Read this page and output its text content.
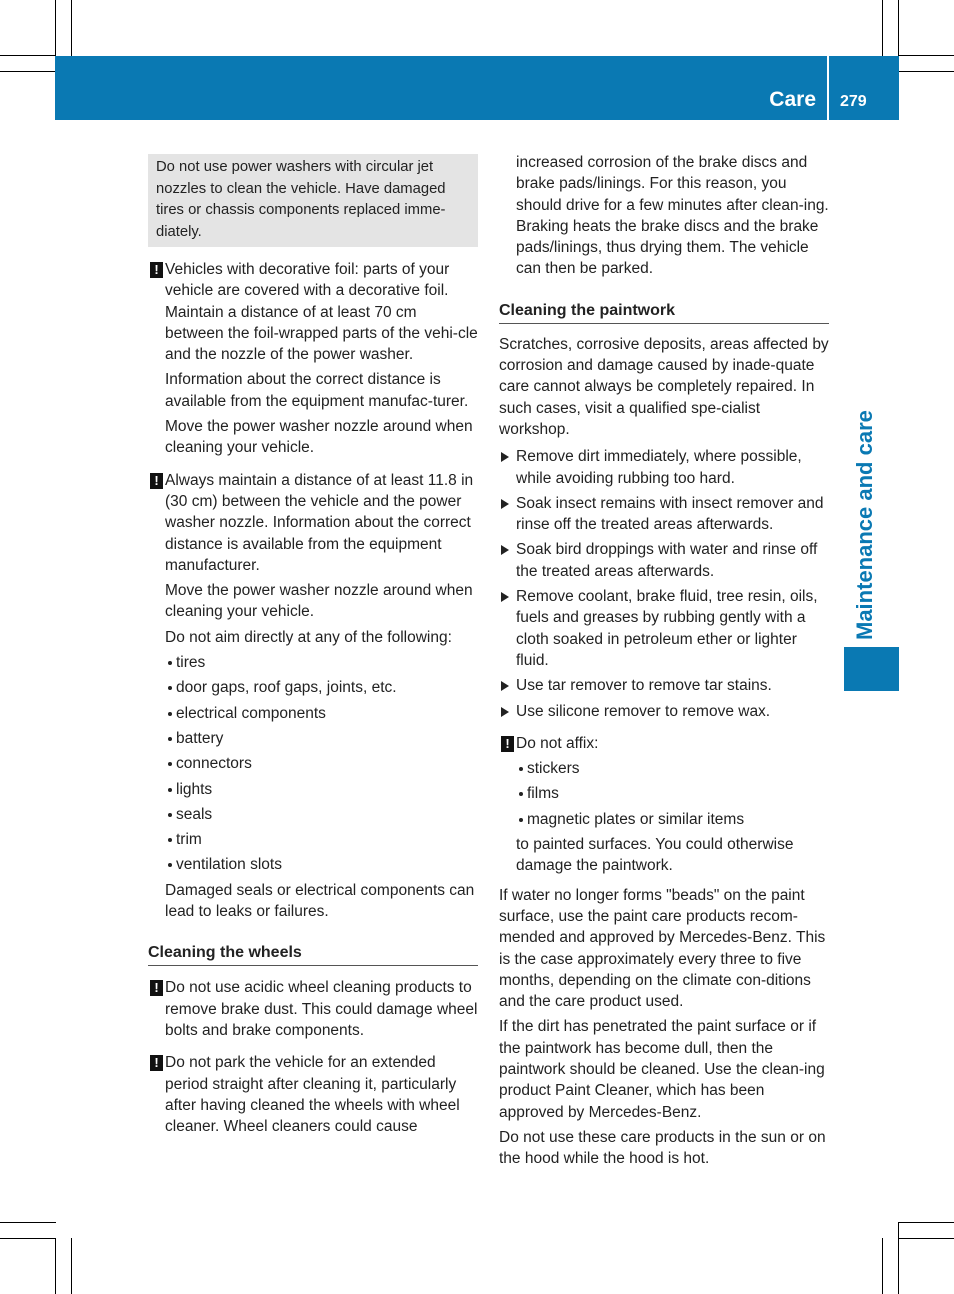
Care 279
Maintenance and care
Do not use power washers with circular jet nozzles to clean the vehicle. Have damaged tires or chassis components replaced imme-diately.
! Vehicles with decorative foil: parts of your vehicle are covered with a decorative foil. Maintain a distance of at least 70 cm between the foil-wrapped parts of the vehi-cle and the nozzle of the power washer.
Information about the correct distance is available from the equipment manufac-turer.
Move the power washer nozzle around when cleaning your vehicle.
! Always maintain a distance of at least 11.8 in (30 cm) between the vehicle and the power washer nozzle. Information about the correct distance is available from the equipment manufacturer.
Move the power washer nozzle around when cleaning your vehicle.
Do not aim directly at any of the following:
tires
door gaps, roof gaps, joints, etc.
electrical components
battery
connectors
lights
seals
trim
ventilation slots
Damaged seals or electrical components can lead to leaks or failures.
Cleaning the wheels
! Do not use acidic wheel cleaning products to remove brake dust. This could damage wheel bolts and brake components.
! Do not park the vehicle for an extended period straight after cleaning it, particularly after having cleaned the wheels with wheel cleaner. Wheel cleaners could cause
increased corrosion of the brake discs and brake pads/linings. For this reason, you should drive for a few minutes after clean-ing. Braking heats the brake discs and the brake pads/linings, thus drying them. The vehicle can then be parked.
Cleaning the paintwork
Scratches, corrosive deposits, areas affected by corrosion and damage caused by inade-quate care cannot always be completely repaired. In such cases, visit a qualified spe-cialist workshop.
Remove dirt immediately, where possible, while avoiding rubbing too hard.
Soak insect remains with insect remover and rinse off the treated areas afterwards.
Soak bird droppings with water and rinse off the treated areas afterwards.
Remove coolant, brake fluid, tree resin, oils, fuels and greases by rubbing gently with a cloth soaked in petroleum ether or lighter fluid.
Use tar remover to remove tar stains.
Use silicone remover to remove wax.
! Do not affix:
stickers
films
magnetic plates or similar items
to painted surfaces. You could otherwise damage the paintwork.
If water no longer forms "beads" on the paint surface, use the paint care products recom-mended and approved by Mercedes-Benz. This is the case approximately every three to five months, depending on the climate con-ditions and the care product used.
If the dirt has penetrated the paint surface or if the paintwork has become dull, then the paintwork should be cleaned. Use the clean-ing product Paint Cleaner, which has been approved by Mercedes-Benz.
Do not use these care products in the sun or on the hood while the hood is hot.
